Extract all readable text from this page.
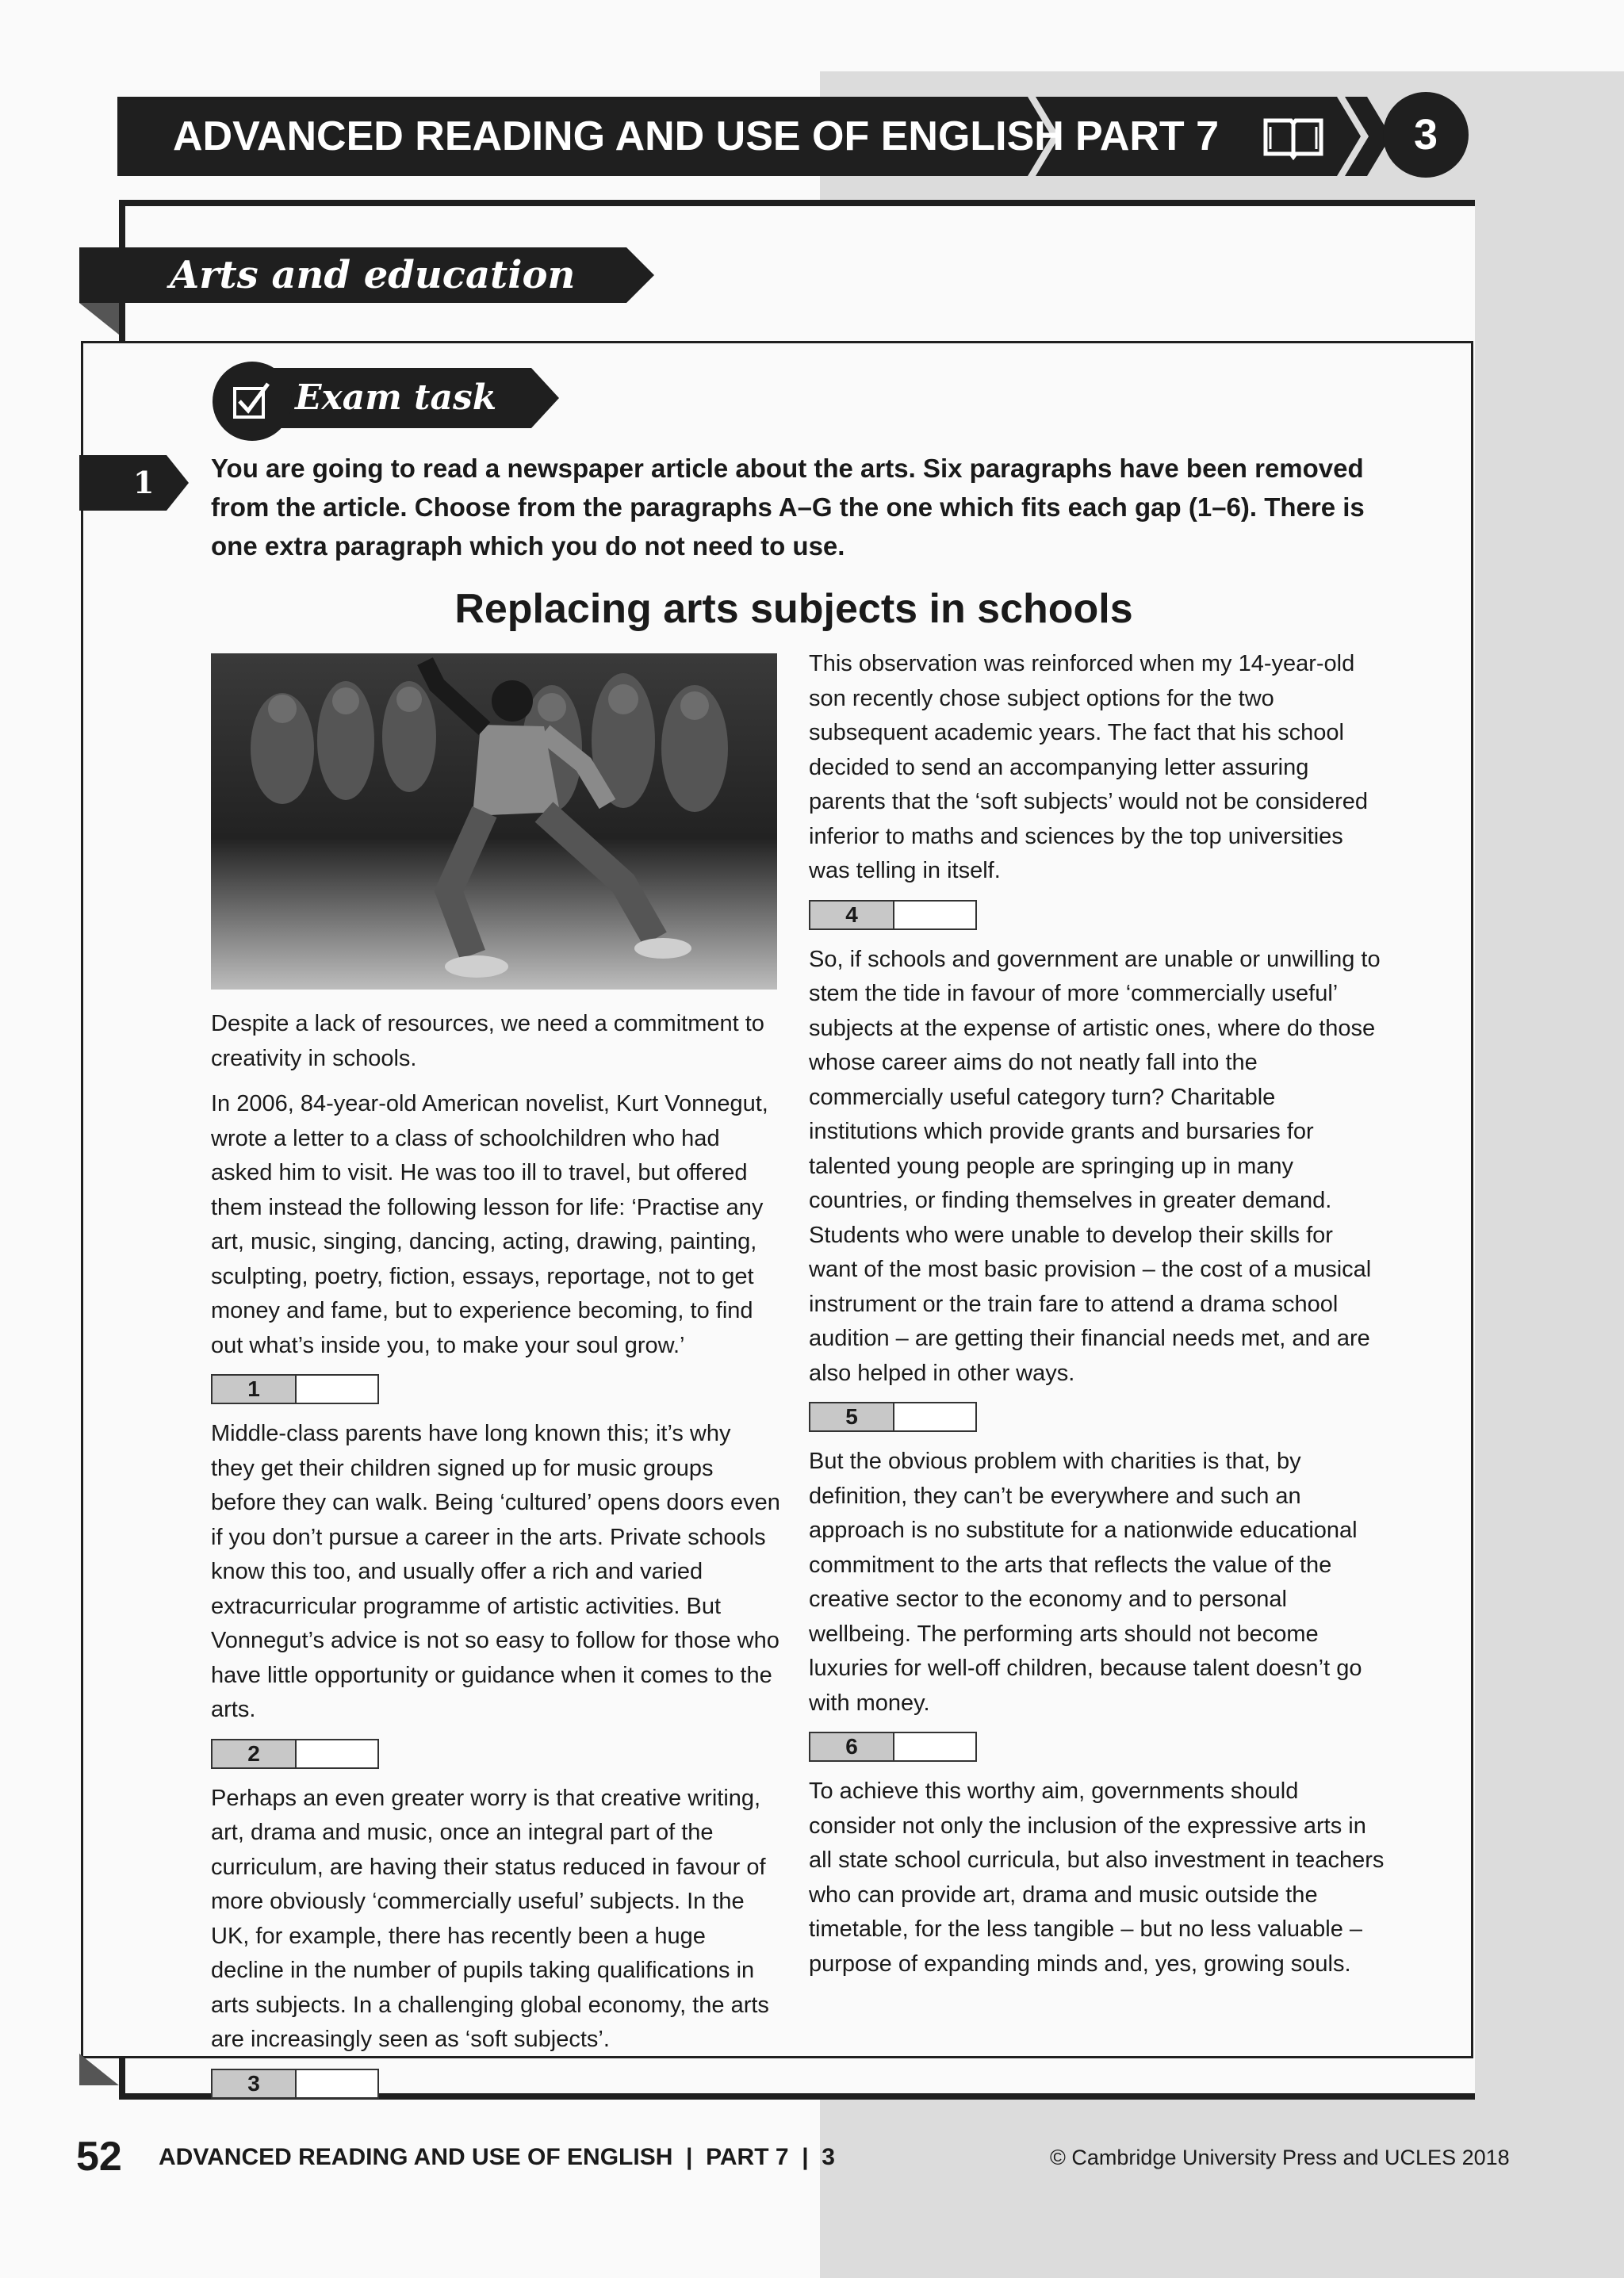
ADVANCED READING AND USE OF ENGLISH PART 7	3
Arts and education
Exam task
1 You are going to read a newspaper article about the arts. Six paragraphs have been removed from the article. Choose from the paragraphs A–G the one which fits each gap (1–6). There is one extra paragraph which you do not need to use.
Replacing arts subjects in schools

Despite a lack of resources, we need a commitment to creativity in schools.

In 2006, 84-year-old American novelist, Kurt Vonnegut, wrote a letter to a class of schoolchildren who had asked him to visit. He was too ill to travel, but offered them instead the following lesson for life: ‘Practise any art, music, singing, dancing, acting, drawing, painting, sculpting, poetry, fiction, essays, reportage, not to get money and fame, but to experience becoming, to find out what’s inside you, to make your soul grow.’

1

Middle-class parents have long known this; it’s why they get their children signed up for music groups before they can walk. Being ‘cultured’ opens doors even if you don’t pursue a career in the arts. Private schools know this too, and usually offer a rich and varied extracurricular programme of artistic activities. But Vonnegut’s advice is not so easy to follow for those who have little opportunity or guidance when it comes to the arts.

2

Perhaps an even greater worry is that creative writing, art, drama and music, once an integral part of the curriculum, are having their status reduced in favour of more obviously ‘commercially useful’ subjects. In the UK, for example, there has recently been a huge decline in the number of pupils taking qualifications in arts subjects. In a challenging global economy, the arts are increasingly seen as ‘soft subjects’.

3

This observation was reinforced when my 14-year-old son recently chose subject options for the two subsequent academic years. The fact that his school decided to send an accompanying letter assuring parents that the ‘soft subjects’ would not be considered inferior to maths and sciences by the top universities was telling in itself.

4

So, if schools and government are unable or unwilling to stem the tide in favour of more ‘commercially useful’ subjects at the expense of artistic ones, where do those whose career aims do not neatly fall into the commercially useful category turn? Charitable institutions which provide grants and bursaries for talented young people are springing up in many countries, or finding themselves in greater demand. Students who were unable to develop their skills for want of the most basic provision – the cost of a musical instrument or the train fare to attend a drama school audition – are getting their financial needs met, and are also helped in other ways.

5

But the obvious problem with charities is that, by definition, they can’t be everywhere and such an approach is no substitute for a nationwide educational commitment to the arts that reflects the value of the creative sector to the economy and to personal wellbeing. The performing arts should not become luxuries for well-off children, because talent doesn’t go with money.

6

To achieve this worthy aim, governments should consider not only the inclusion of the expressive arts in all state school curricula, but also investment in teachers who can provide art, drama and music outside the timetable, for the less tangible – but no less valuable – purpose of expanding minds and, yes, growing souls.

52 ADVANCED READING AND USE OF ENGLISH  |  PART 7  |  3	© Cambridge University Press and UCLES 2018
